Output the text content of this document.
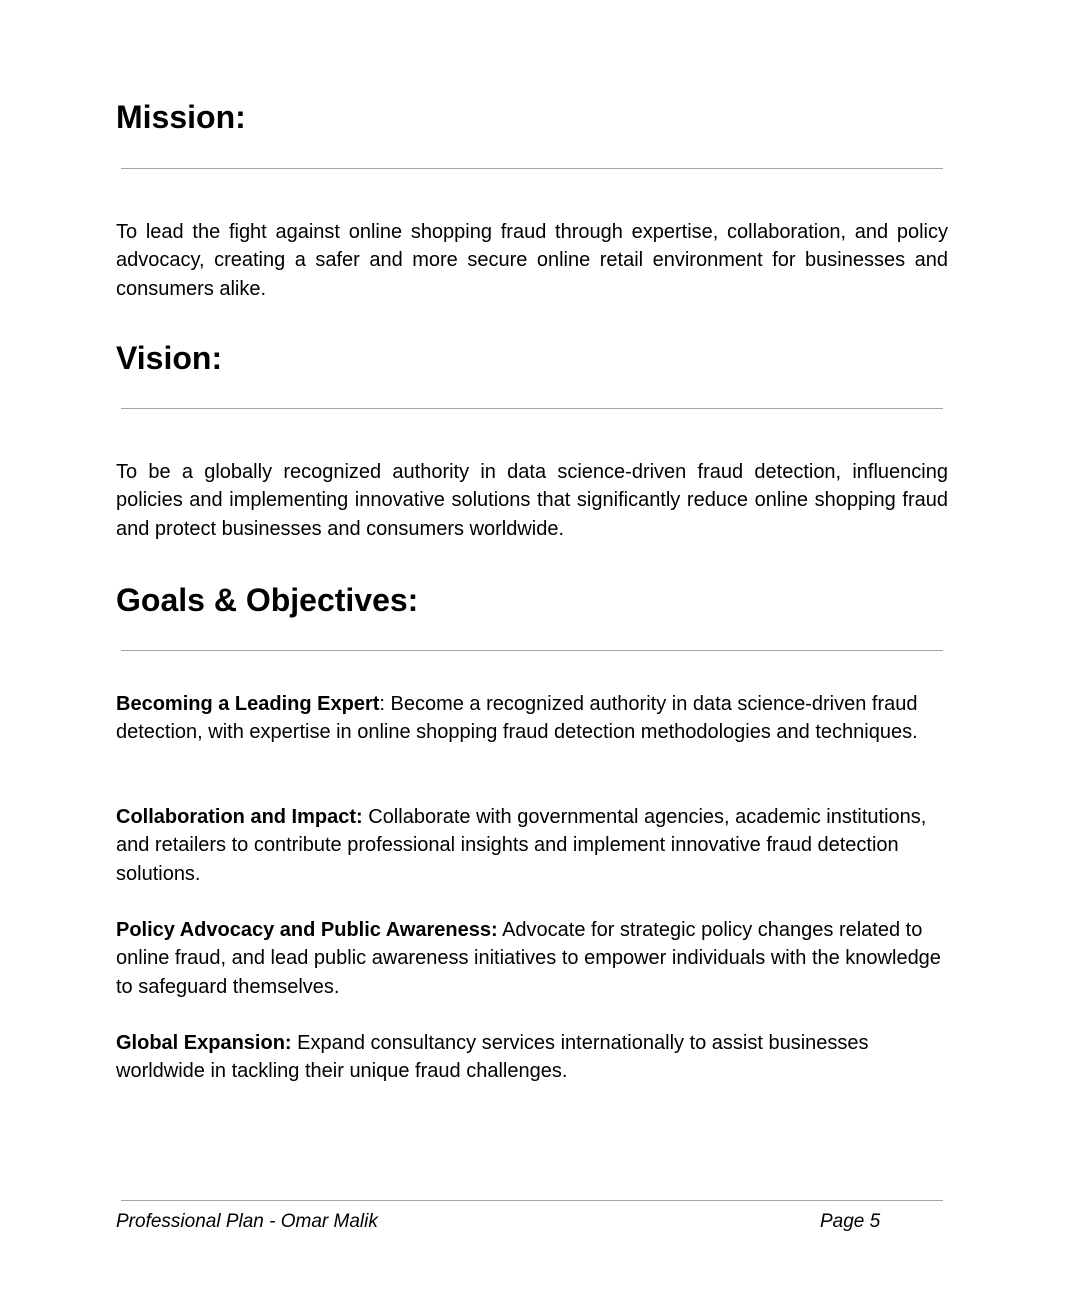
Mission:

To lead the fight against online shopping fraud through expertise, collaboration, and policy advocacy, creating a safer and more secure online retail environment for businesses and consumers alike.

Vision:

To be a globally recognized authority in data science-driven fraud detection, influencing policies and implementing innovative solutions that significantly reduce online shopping fraud and protect businesses and consumers worldwide.

Goals & Objectives:

Becoming a Leading Expert: Become a recognized authority in data science-driven fraud detection, with expertise in online shopping fraud detection methodologies and techniques.

Collaboration and Impact: Collaborate with governmental agencies, academic institutions, and retailers to contribute professional insights and implement innovative fraud detection solutions.

Policy Advocacy and Public Awareness: Advocate for strategic policy changes related to online fraud, and lead public awareness initiatives to empower individuals with the knowledge to safeguard themselves.

Global Expansion: Expand consultancy services internationally to assist businesses worldwide in tackling their unique fraud challenges.

Professional Plan - Omar Malik	Page 5
